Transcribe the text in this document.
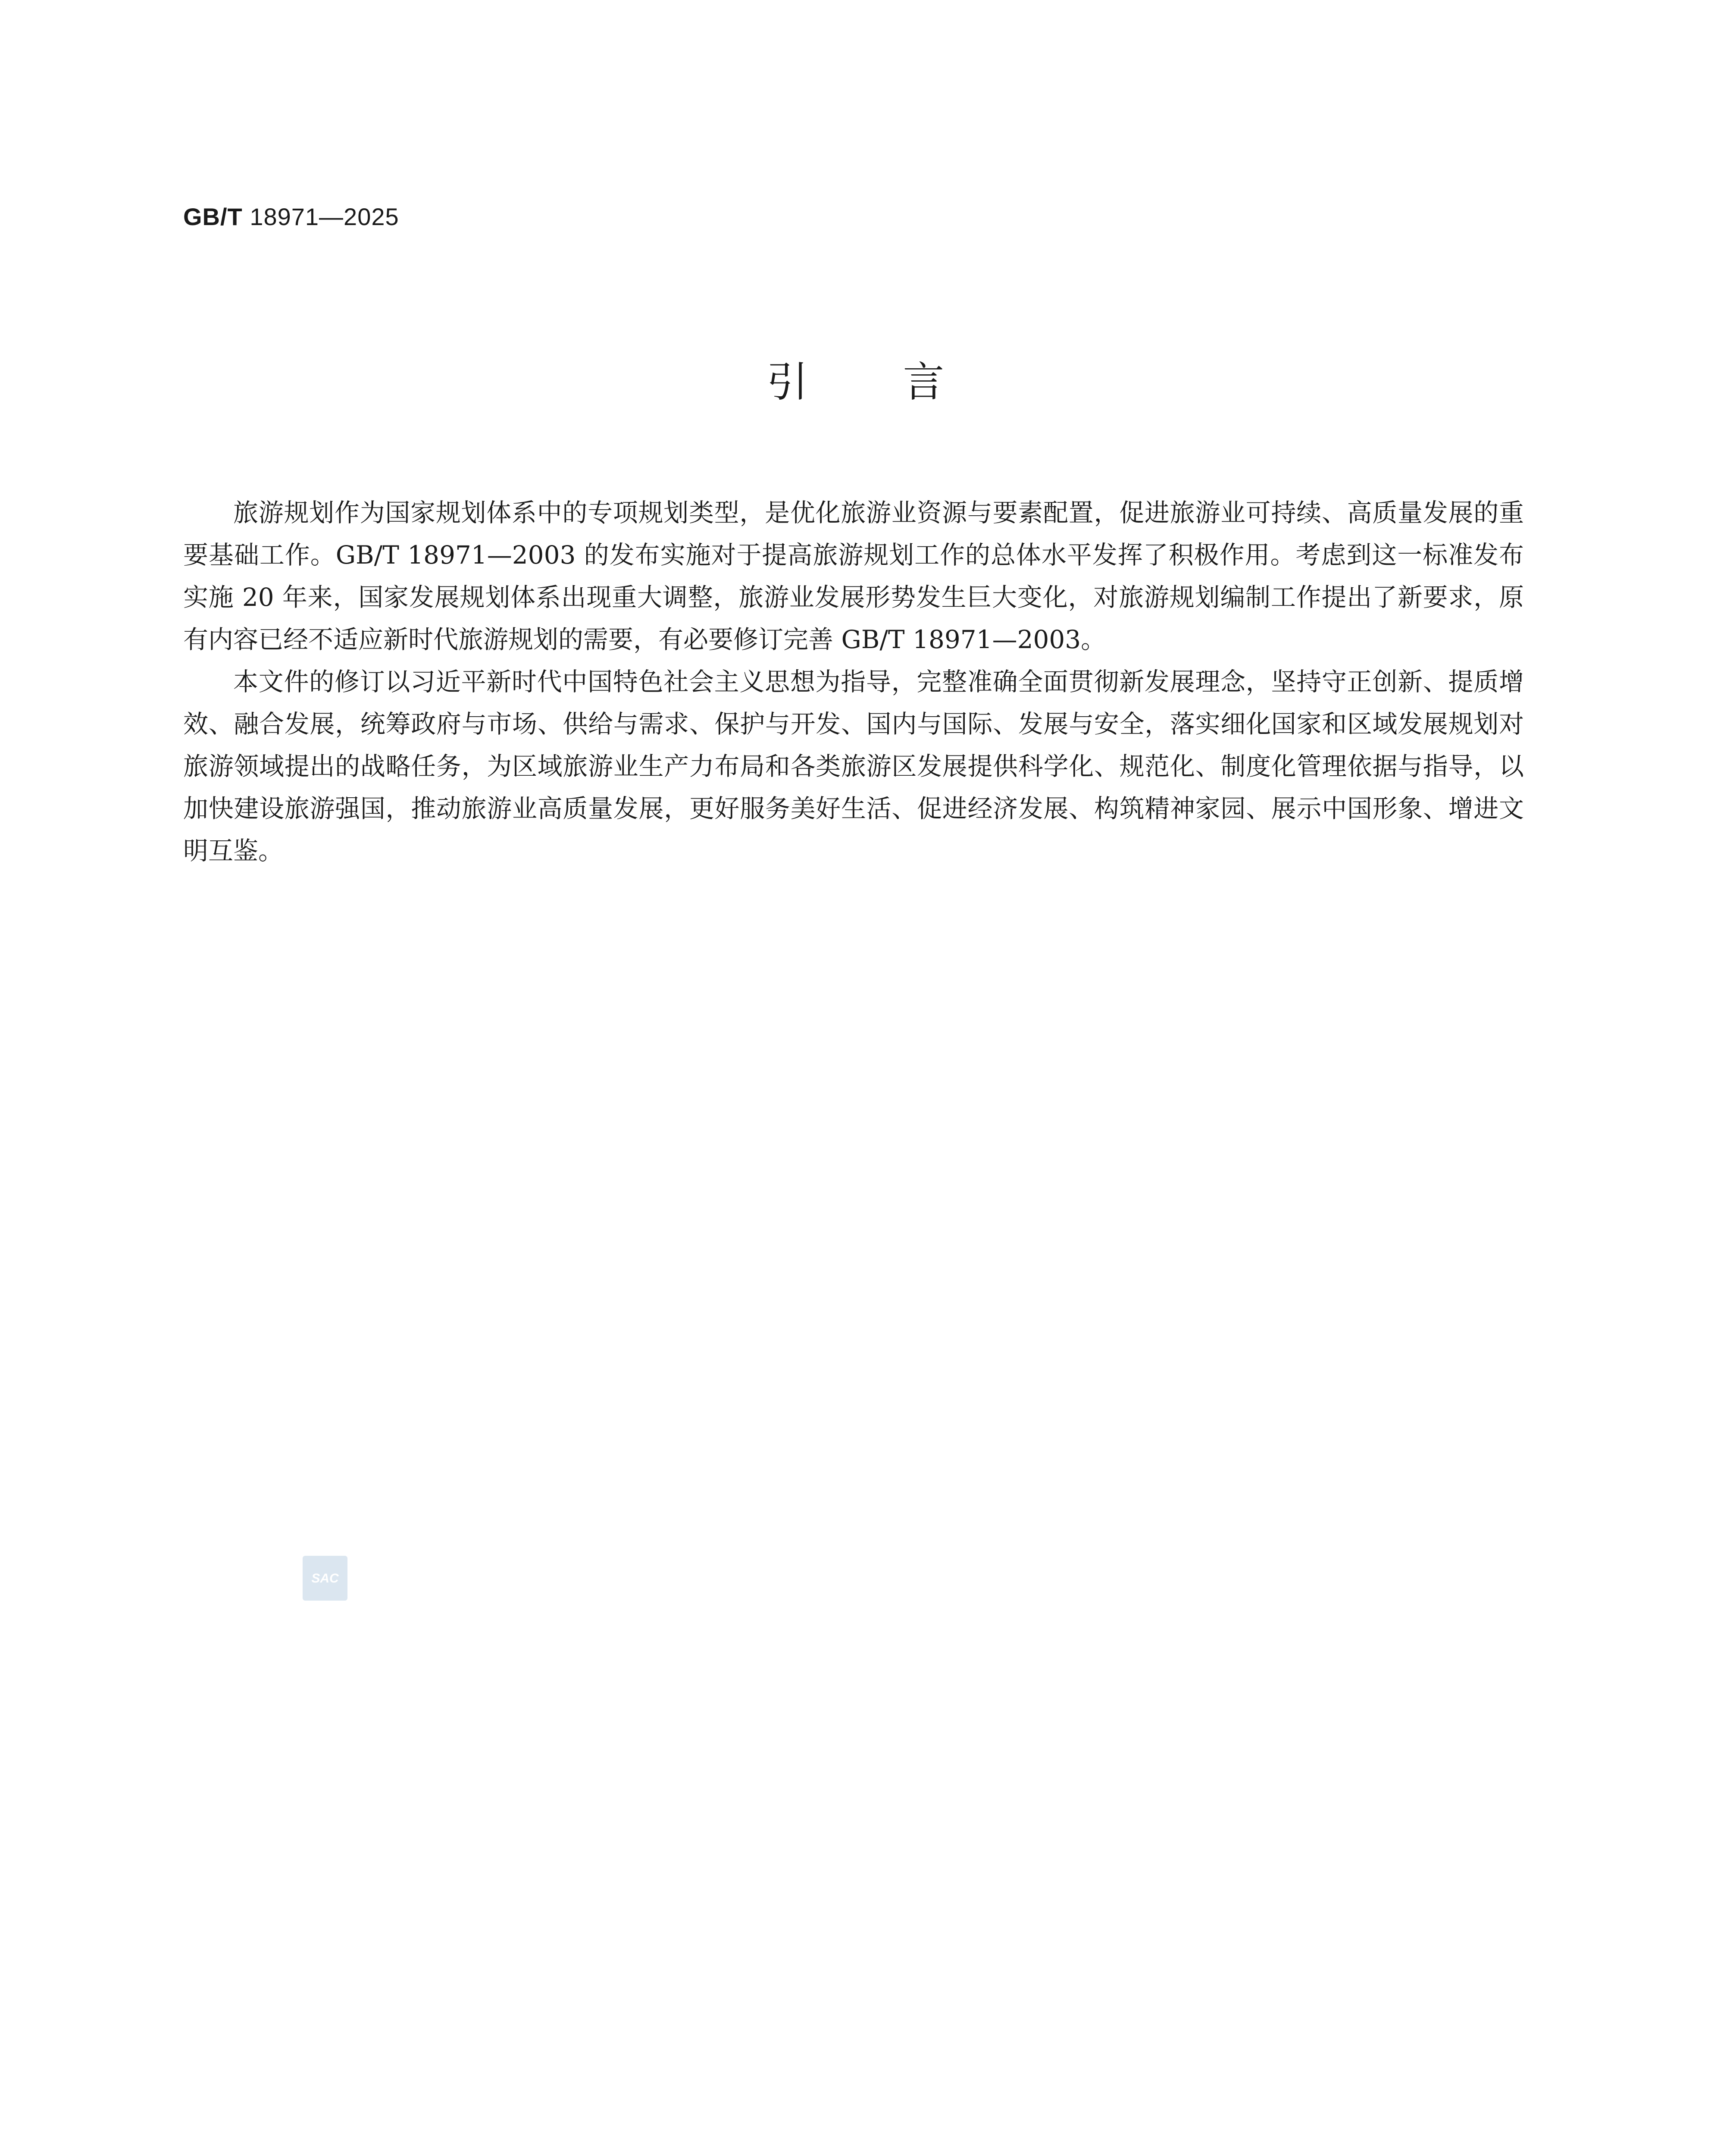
GB/T 18971—2025
引言

旅游规划作为国家规划体系中的专项规划类型，是优化旅游业资源与要素配置，促进旅游业可持续、高质量发展的重要基础工作。GB/T 18971—2003 的发布实施对于提高旅游规划工作的总体水平发挥了积极作用。考虑到这一标准发布实施 20 年来，国家发展规划体系出现重大调整，旅游业发展形势发生巨大变化，对旅游规划编制工作提出了新要求，原有内容已经不适应新时代旅游规划的需要，有必要修订完善 GB/T 18971—2003。

本文件的修订以习近平新时代中国特色社会主义思想为指导，完整准确全面贯彻新发展理念，坚持守正创新、提质增效、融合发展，统筹政府与市场、供给与需求、保护与开发、国内与国际、发展与安全，落实细化国家和区域发展规划对旅游领域提出的战略任务，为区域旅游业生产力布局和各类旅游区发展提供科学化、规范化、制度化管理依据与指导，以加快建设旅游强国，推动旅游业高质量发展，更好服务美好生活、促进经济发展、构筑精神家园、展示中国形象、增进文明互鉴。

SAC
